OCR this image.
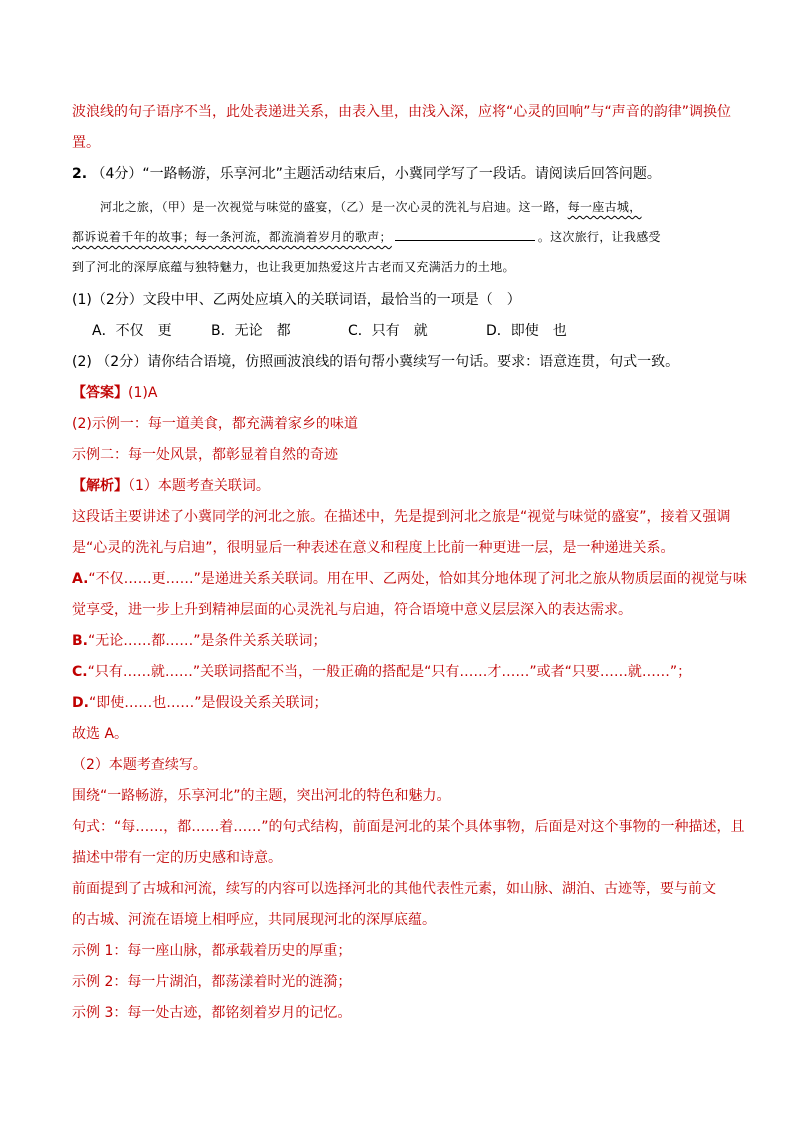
波浪线的句子语序不当，此处表递进关系，由表入里，由浅入深，应将“心灵的回响”与“声音的韵律”调换位
置。
2. （4分）“一路畅游，乐享河北”主题活动结束后，小冀同学写了一段话。请阅读后回答问题。
河北之旅，（甲）是一次视觉与味觉的盛宴，（乙）是一次心灵的洗礼与启迪。这一路，每一座古城，
都诉说着千年的故事；每一条河流，都流淌着岁月的歌声；	。这次旅行，让我感受
到了河北的深厚底蕴与独特魅力，也让我更加热爱这片古老而又充满活力的土地。
(1)（2分）文段中甲、乙两处应填入的关联词语，最恰当的一项是（　）
A．不仅　更	B．无论　都	C．只有　就	D．即使　也
(2) （2分）请你结合语境，仿照画波浪线的语句帮小冀续写一句话。要求：语意连贯，句式一致。
【答案】(1)A
(2)示例一：每一道美食，都充满着家乡的味道
示例二：每一处风景，都彰显着自然的奇迹
【解析】（1）本题考查关联词。
这段话主要讲述了小冀同学的河北之旅。在描述中，先是提到河北之旅是“视觉与味觉的盛宴”，接着又强调
是“心灵的洗礼与启迪”，很明显后一种表述在意义和程度上比前一种更进一层，是一种递进关系。
A.“不仅……更……”是递进关系关联词。用在甲、乙两处，恰如其分地体现了河北之旅从物质层面的视觉与味
觉享受，进一步上升到精神层面的心灵洗礼与启迪，符合语境中意义层层深入的表达需求。
B.“无论……都……”是条件关系关联词；
C.“只有……就……”关联词搭配不当，一般正确的搭配是“只有……才……”或者“只要……就……”；
D.“即使……也……”是假设关系关联词；
故选 A。
（2）本题考查续写。
围绕“一路畅游，乐享河北”的主题，突出河北的特色和魅力。
句式：“每……，都……着……”的句式结构，前面是河北的某个具体事物，后面是对这个事物的一种描述，且
描述中带有一定的历史感和诗意。
前面提到了古城和河流，续写的内容可以选择河北的其他代表性元素，如山脉、湖泊、古迹等，要与前文
的古城、河流在语境上相呼应，共同展现河北的深厚底蕴。
示例 1：每一座山脉，都承载着历史的厚重；
示例 2：每一片湖泊，都荡漾着时光的涟漪；
示例 3：每一处古迹，都铭刻着岁月的记忆。
